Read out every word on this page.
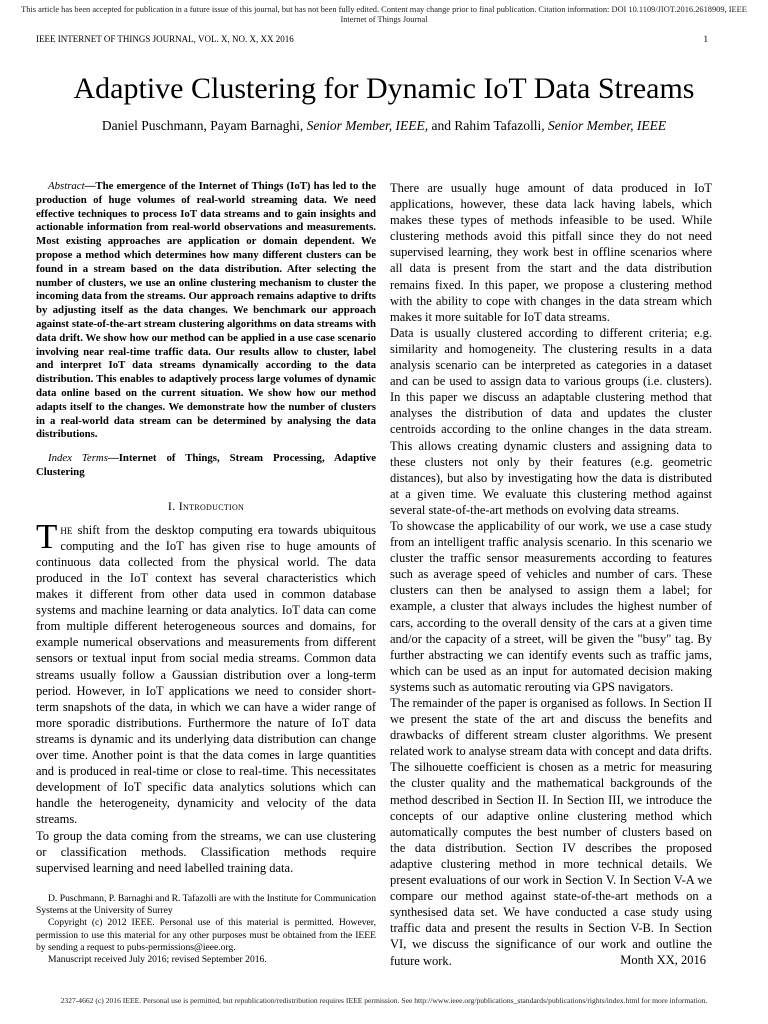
This article has been accepted for publication in a future issue of this journal, but has not been fully edited. Content may change prior to final publication. Citation information: DOI 10.1109/JIOT.2016.2618909, IEEE Internet of Things Journal
IEEE INTERNET OF THINGS JOURNAL, VOL. X, NO. X, XX 2016	1
Adaptive Clustering for Dynamic IoT Data Streams
Daniel Puschmann, Payam Barnaghi, Senior Member, IEEE, and Rahim Tafazolli, Senior Member, IEEE

Abstract—The emergence of the Internet of Things (IoT) has led to the production of huge volumes of real-world streaming data. We need effective techniques to process IoT data streams and to gain insights and actionable information from real-world observations and measurements. Most existing approaches are application or domain dependent. We propose a method which determines how many different clusters can be found in a stream based on the data distribution. After selecting the number of clusters, we use an online clustering mechanism to cluster the incoming data from the streams. Our approach remains adaptive to drifts by adjusting itself as the data changes. We benchmark our approach against state-of-the-art stream clustering algorithms on data streams with data drift. We show how our method can be applied in a use case scenario involving near real-time traffic data. Our results allow to cluster, label and interpret IoT data streams dynamically according to the data distribution. This enables to adaptively process large volumes of dynamic data online based on the current situation. We show how our method adapts itself to the changes. We demonstrate how the number of clusters in a real-world data stream can be determined by analysing the data distributions.

Index Terms—Internet of Things, Stream Processing, Adaptive Clustering

I. Introduction

The shift from the desktop computing era towards ubiquitous computing and the IoT has given rise to huge amounts of continuous data collected from the physical world. The data produced in the IoT context has several characteristics which makes it different from other data used in common database systems and machine learning or data analytics. IoT data can come from multiple different heterogeneous sources and domains, for example numerical observations and measurements from different sensors or textual input from social media streams. Common data streams usually follow a Gaussian distribution over a long-term period. However, in IoT applications we need to consider short-term snapshots of the data, in which we can have a wider range of more sporadic distributions. Furthermore the nature of IoT data streams is dynamic and its underlying data distribution can change over time. Another point is that the data comes in large quantities and is produced in real-time or close to real-time. This necessitates development of IoT specific data analytics solutions which can handle the heterogeneity, dynamicity and velocity of the data streams.

To group the data coming from the streams, we can use clustering or classification methods. Classification methods require supervised learning and need labelled training data.

D. Puschmann, P. Barnaghi and R. Tafazolli are with the Institute for Communication Systems at the University of Surrey

Copyright (c) 2012 IEEE. Personal use of this material is permitted. However, permission to use this material for any other purposes must be obtained from the IEEE by sending a request to pubs-permissions@ieee.org.

Manuscript received July 2016; revised September 2016.

There are usually huge amount of data produced in IoT applications, however, these data lack having labels, which makes these types of methods infeasible to be used. While clustering methods avoid this pitfall since they do not need supervised learning, they work best in offline scenarios where all data is present from the start and the data distribution remains fixed. In this paper, we propose a clustering method with the ability to cope with changes in the data stream which makes it more suitable for IoT data streams.

Data is usually clustered according to different criteria; e.g. similarity and homogeneity. The clustering results in a data analysis scenario can be interpreted as categories in a dataset and can be used to assign data to various groups (i.e. clusters). In this paper we discuss an adaptable clustering method that analyses the distribution of data and updates the cluster centroids according to the online changes in the data stream. This allows creating dynamic clusters and assigning data to these clusters not only by their features (e.g. geometric distances), but also by investigating how the data is distributed at a given time. We evaluate this clustering method against several state-of-the-art methods on evolving data streams.

To showcase the applicability of our work, we use a case study from an intelligent traffic analysis scenario. In this scenario we cluster the traffic sensor measurements according to features such as average speed of vehicles and number of cars. These clusters can then be analysed to assign them a label; for example, a cluster that always includes the highest number of cars, according to the overall density of the cars at a given time and/or the capacity of a street, will be given the "busy" tag. By further abstracting we can identify events such as traffic jams, which can be used as an input for automated decision making systems such as automatic rerouting via GPS navigators.

The remainder of the paper is organised as follows. In Section II we present the state of the art and discuss the benefits and drawbacks of different stream cluster algorithms. We present related work to analyse stream data with concept and data drifts. The silhouette coefficient is chosen as a metric for measuring the cluster quality and the mathematical backgrounds of the method described in Section II. In Section III, we introduce the concepts of our adaptive online clustering method which automatically computes the best number of clusters based on the data distribution. Section IV describes the proposed adaptive clustering method in more technical details. We present evaluations of our work in Section V. In Section V-A we compare our method against state-of-the-art methods on a synthesised data set. We have conducted a case study using traffic data and present the results in Section V-B. In Section VI, we discuss the significance of our work and outline the future work.	Month XX, 2016
2327-4662 (c) 2016 IEEE. Personal use is permitted, but republication/redistribution requires IEEE permission. See http://www.ieee.org/publications_standards/publications/rights/index.html for more information.
